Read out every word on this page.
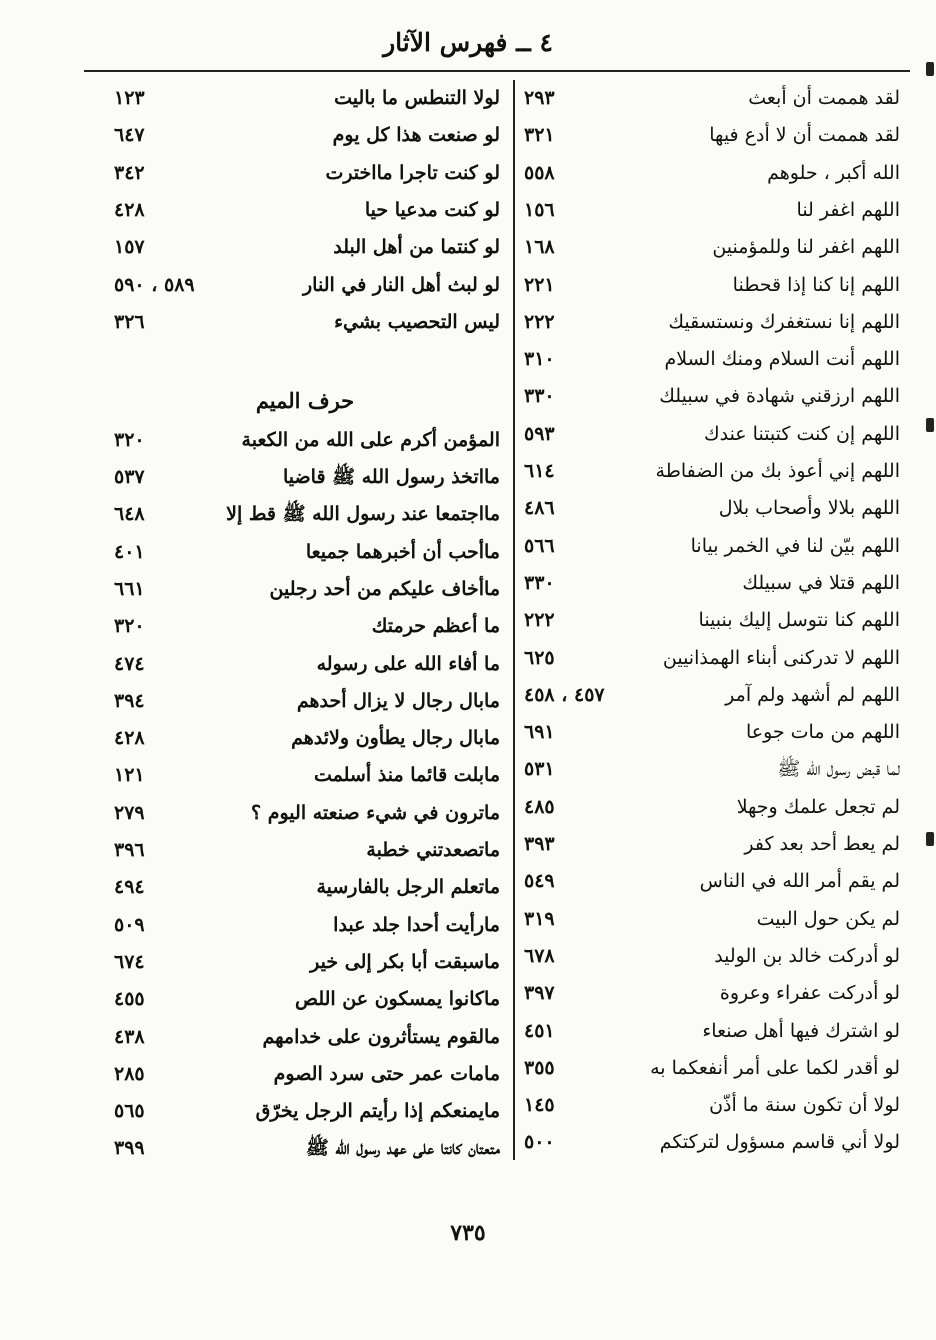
٤ ــ فهرس الآثار
لقد هممت أن أبعث
٢٩٣
لقد هممت أن لا أدع فيها
٣٢١
الله أكبر ، حلوهم
٥٥٨
اللهم اغفر لنا
١٥٦
اللهم اغفر لنا وللمؤمنين
١٦٨
اللهم إنا كنا إذا قحطنا
٢٢١
اللهم إنا نستغفرك ونستسقيك
٢٢٢
اللهم أنت السلام ومنك السلام
٣١٠
اللهم ارزقني شهادة في سبيلك
٣٣٠
اللهم إن كنت كتبتنا عندك
٥٩٣
اللهم إني أعوذ بك من الضفاطة
٦١٤
اللهم بلالا وأصحاب بلال
٤٨٦
اللهم بيّن لنا في الخمر بيانا
٥٦٦
اللهم قتلا في سبيلك
٣٣٠
اللهم كنا نتوسل إليك بنبينا
٢٢٢
اللهم لا تدركنى أبناء الهمذانيين
٦٢٥
اللهم لم أشهد ولم آمر
٤٥٧ ، ٤٥٨
اللهم من مات جوعا
٦٩١
لما قبض رسول الله ﷺ
٥٣١
لم تجعل علمك وجهلا
٤٨٥
لم يعط أحد بعد كفر
٣٩٣
لم يقم أمر الله في الناس
٥٤٩
لم يكن حول البيت
٣١٩
لو أدركت خالد بن الوليد
٦٧٨
لو أدركت عفراء وعروة
٣٩٧
لو اشترك فيها أهل صنعاء
٤٥١
لو أقدر لكما على أمر أنفعكما به
٣٥٥
لولا أن تكون سنة ما أذّن
١٤٥
لولا أني قاسم مسؤول لتركتكم
٥٠٠
حرف الميم
لولا التنطس ما باليت
١٢٣
لو صنعت هذا كل يوم
٦٤٧
لو كنت تاجرا مااخترت
٣٤٢
لو كنت مدعيا حيا
٤٢٨
لو كنتما من أهل البلد
١٥٧
لو لبث أهل النار في النار
٥٨٩ ، ٥٩٠
ليس التحصيب بشيء
٣٢٦
المؤمن أكرم على الله من الكعبة
٣٢٠
مااتخذ رسول الله ﷺ قاضيا
٥٣٧
مااجتمعا عند رسول الله ﷺ قط إلا
٦٤٨
ماأحب أن أخبرهما جميعا
٤٠١
ماأخاف عليكم من أحد رجلين
٦٦١
ما أعظم حرمتك
٣٢٠
ما أفاء الله على رسوله
٤٧٤
مابال رجال لا يزال أحدهم
٣٩٤
مابال رجال يطأون ولائدهم
٤٢٨
مابلت قائما منذ أسلمت
١٢١
ماترون في شيء صنعته اليوم ؟
٢٧٩
ماتصعدتني خطبة
٣٩٦
ماتعلم الرجل بالفارسية
٤٩٤
مارأيت أحدا جلد عبدا
٥٠٩
ماسبقت أبا بكر إلى خير
٦٧٤
ماكانوا يمسكون عن اللص
٤٥٥
مالقوم يستأثرون على خدامهم
٤٣٨
مامات عمر حتى سرد الصوم
٢٨٥
مايمنعكم إذا رأيتم الرجل يخرّق
٥٦٥
متعتان كانتا على عهد رسول الله ﷺ
٣٩٩
٧٣٥
